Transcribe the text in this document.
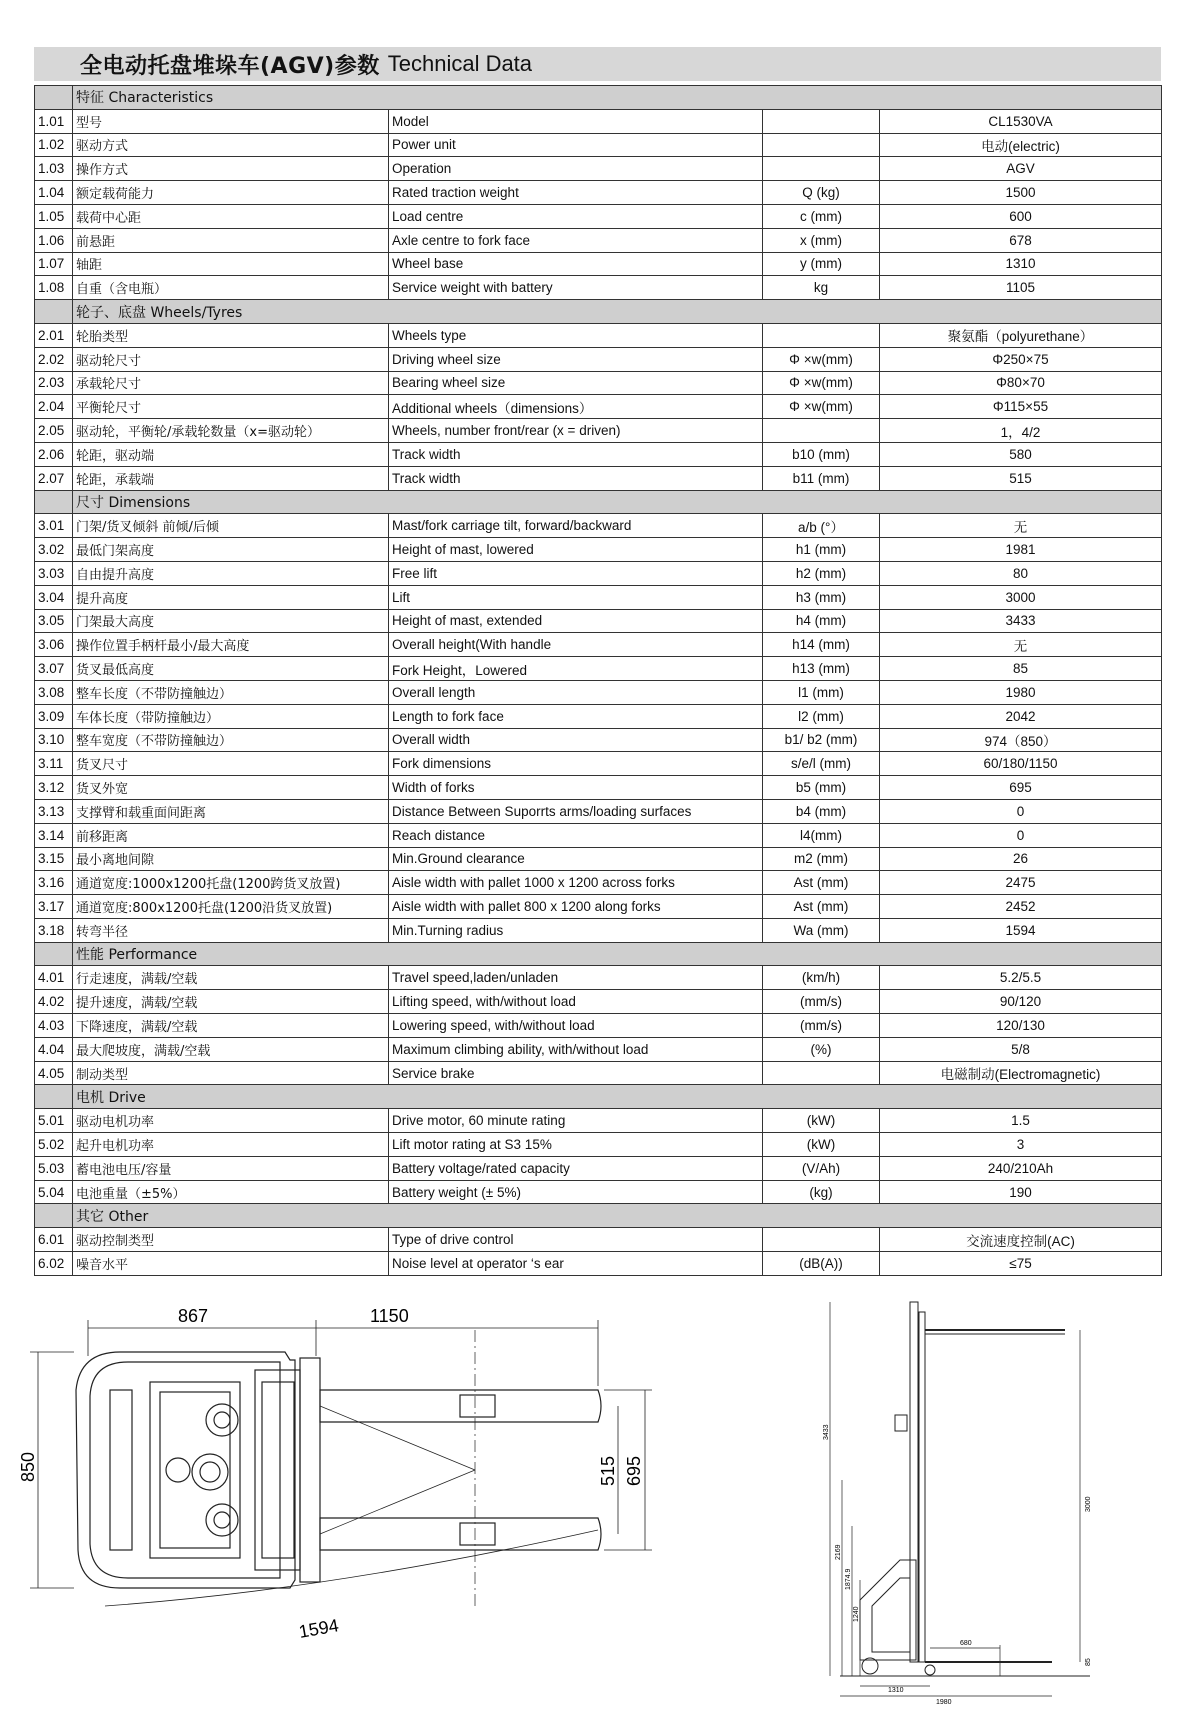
全电动托盘堆垛车(AGV)参数 Technical Data
	特征 Characteristics			
1.01	型号	Model		CL1530VA
1.02	驱动方式	Power unit		电动(electric)
1.03	操作方式	Operation		AGV
1.04	额定载荷能力	Rated traction weight	Q (kg)	1500
1.05	载荷中心距	Load centre	c (mm)	600
1.06	前悬距	Axle centre to fork face	x (mm)	678
1.07	轴距	Wheel base	y (mm)	1310
1.08	自重（含电瓶）	Service weight with battery	kg	1105
	轮子、底盘 Wheels/Tyres			
2.01	轮胎类型	Wheels type		聚氨酯（polyurethane）
2.02	驱动轮尺寸	Driving wheel size	Φ ×w(mm)	Φ250×75
2.03	承载轮尺寸	Bearing wheel size	Φ ×w(mm)	Φ80×70
2.04	平衡轮尺寸	Additional wheels（dimensions）	Φ ×w(mm)	Φ115×55
2.05	驱动轮，平衡轮/承载轮数量（x=驱动轮）	Wheels, number front/rear (x = driven)		1，4/2
2.06	轮距，驱动端	Track width	b10 (mm)	580
2.07	轮距，承载端	Track width	b11 (mm)	515
	尺寸 Dimensions			
3.01	门架/货叉倾斜 前倾/后倾	Mast/fork carriage tilt, forward/backward	a/b (°）	无
3.02	最低门架高度	Height of mast, lowered	h1 (mm)	1981
3.03	自由提升高度	Free lift	h2 (mm)	80
3.04	提升高度	Lift	h3 (mm)	3000
3.05	门架最大高度	Height of mast, extended	h4 (mm)	3433
3.06	操作位置手柄杆最小/最大高度	Overall height(With handle	h14 (mm)	无
3.07	货叉最低高度	Fork Height，Lowered	h13 (mm)	85
3.08	整车长度（不带防撞触边）	Overall length	l1 (mm)	1980
3.09	车体长度（带防撞触边）	Length to fork face	l2 (mm)	2042
3.10	整车宽度（不带防撞触边）	Overall width	b1/ b2 (mm)	974（850）
3.11	货叉尺寸	Fork dimensions	s/e/l (mm)	60/180/1150
3.12	货叉外宽	Width of forks	b5 (mm)	695
3.13	支撑臂和载重面间距离	Distance Between Suporrts arms/loading surfaces	b4 (mm)	0
3.14	前移距离	Reach distance	l4(mm)	0
3.15	最小离地间隙	Min.Ground clearance	m2 (mm)	26
3.16	通道宽度:1000x1200托盘(1200跨货叉放置)	Aisle width with pallet 1000 x 1200 across forks	Ast (mm)	2475
3.17	通道宽度:800x1200托盘(1200沿货叉放置)	Aisle width with pallet 800 x 1200 along forks	Ast (mm)	2452
3.18	转弯半径	Min.Turning radius	Wa (mm)	1594
	性能 Performance			
4.01	行走速度，满载/空载	Travel speed,laden/unladen	(km/h)	5.2/5.5
4.02	提升速度，满载/空载	Lifting speed, with/without load	(mm/s)	90/120
4.03	下降速度，满载/空载	Lowering speed, with/without load	(mm/s)	120/130
4.04	最大爬坡度，满载/空载	Maximum climbing ability, with/without load	(%)	5/8
4.05	制动类型	Service brake		电磁制动(Electromagnetic)
	电机 Drive			
5.01	驱动电机功率	Drive motor, 60 minute rating	(kW)	1.5
5.02	起升电机功率	Lift motor rating at S3 15%	(kW)	3
5.03	蓄电池电压/容量	Battery voltage/rated capacity	(V/Ah)	240/210Ah
5.04	电池重量（±5%）	Battery weight (± 5%)	(kg)	190
	其它 Other			
6.01	驱动控制类型	Type of drive control		交流速度控制(AC)
6.02	噪音水平	Noise level at operator ‘s ear	(dB(A))	≤75
867	1150
850	515 695
1594
3433
2169
1874.9
1240
3000
680
85
1310
1980
